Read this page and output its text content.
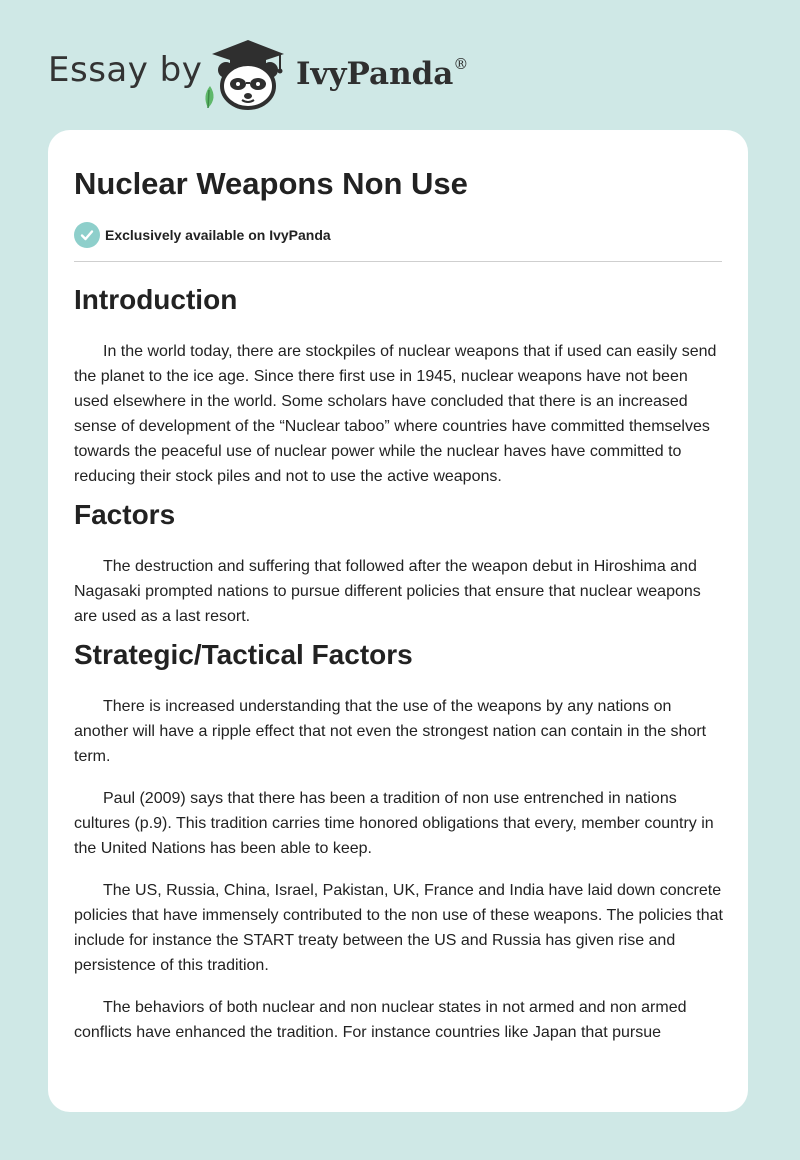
Essay by	IvyPanda®
Nuclear Weapons Non Use
Exclusively available on IvyPanda
Introduction

In the world today, there are stockpiles of nuclear weapons that if used can easily send the planet to the ice age. Since there first use in 1945, nuclear weapons have not been used elsewhere in the world. Some scholars have concluded that there is an increased sense of development of the “Nuclear taboo” where countries have committed themselves towards the peaceful use of nuclear power while the nuclear haves have committed to reducing their stock piles and not to use the active weapons.

Factors

The destruction and suffering that followed after the weapon debut in Hiroshima and Nagasaki prompted nations to pursue different policies that ensure that nuclear weapons are used as a last resort.

Strategic/Tactical Factors

There is increased understanding that the use of the weapons by any nations on another will have a ripple effect that not even the strongest nation can contain in the short term.

Paul (2009) says that there has been a tradition of non use entrenched in nations cultures (p.9). This tradition carries time honored obligations that every, member country in the United Nations has been able to keep.

The US, Russia, China, Israel, Pakistan, UK, France and India have laid down concrete policies that have immensely contributed to the non use of these weapons. The policies that include for instance the START treaty between the US and Russia has given rise and persistence of this tradition.

The behaviors of both nuclear and non nuclear states in not armed and non armed conflicts have enhanced the tradition. For instance countries like Japan that pursue
